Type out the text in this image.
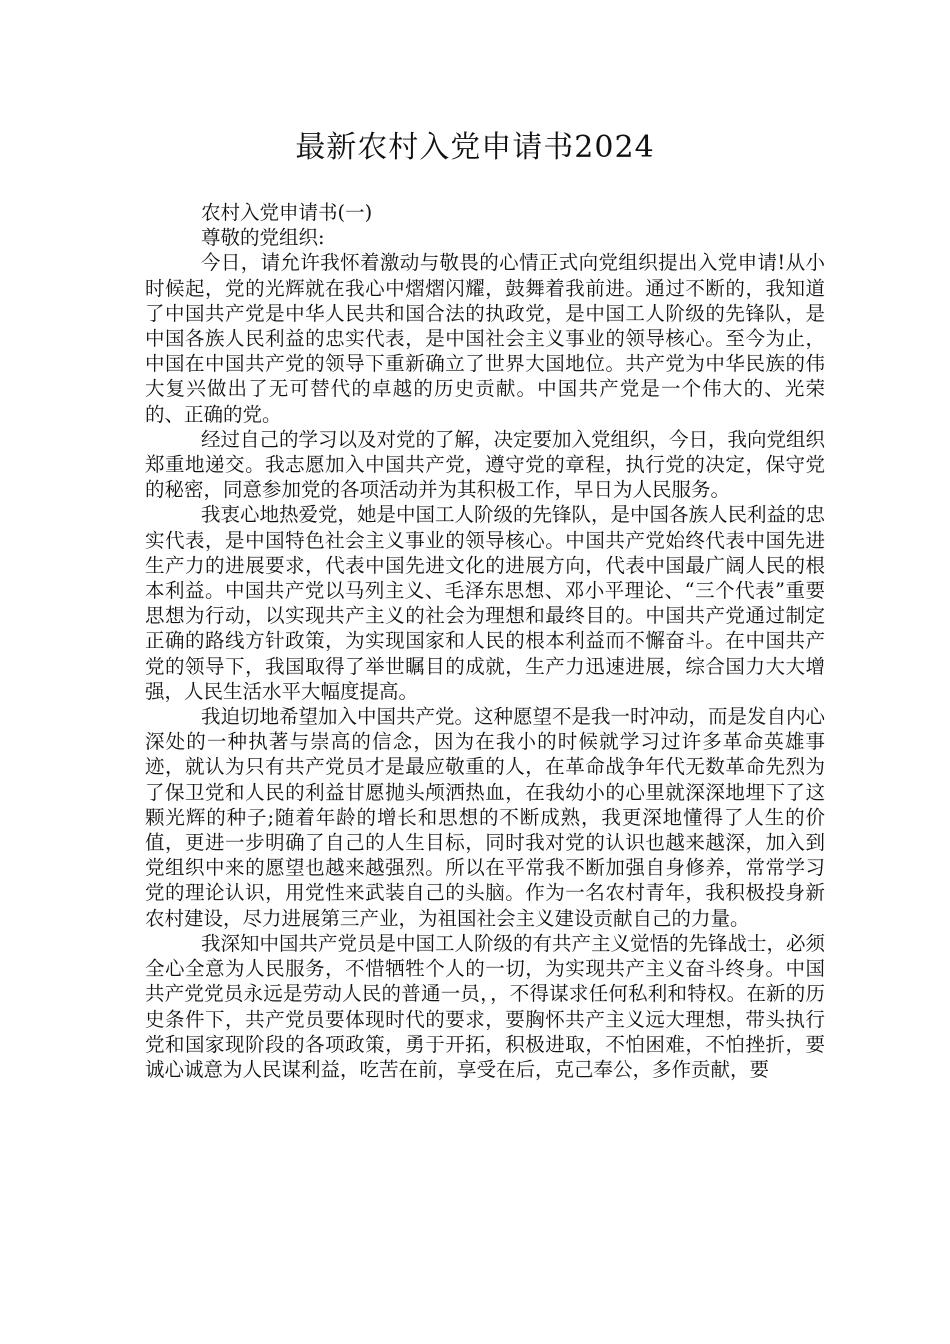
最新农村入党申请书2024

农村入党申请书(一)

尊敬的党组织:

今日，请允许我怀着激动与敬畏的心情正式向党组织提出入党申请!从小时候起，党的光辉就在我心中熠熠闪耀，鼓舞着我前进。通过不断的，我知道了中国共产党是中华人民共和国合法的执政党，是中国工人阶级的先锋队，是中国各族人民利益的忠实代表，是中国社会主义事业的领导核心。至今为止，中国在中国共产党的领导下重新确立了世界大国地位。共产党为中华民族的伟大复兴做出了无可替代的卓越的历史贡献。中国共产党是一个伟大的、光荣的、正确的党。

经过自己的学习以及对党的了解，决定要加入党组织，今日，我向党组织郑重地递交。我志愿加入中国共产党，遵守党的章程，执行党的决定，保守党的秘密，同意参加党的各项活动并为其积极工作，早日为人民服务。

我衷心地热爱党，她是中国工人阶级的先锋队，是中国各族人民利益的忠实代表，是中国特色社会主义事业的领导核心。中国共产党始终代表中国先进生产力的进展要求，代表中国先进文化的进展方向，代表中国最广阔人民的根本利益。中国共产党以马列主义、毛泽东思想、邓小平理论、“三个代表”重要思想为行动，以实现共产主义的社会为理想和最终目的。中国共产党通过制定正确的路线方针政策，为实现国家和人民的根本利益而不懈奋斗。在中国共产党的领导下，我国取得了举世瞩目的成就，生产力迅速进展，综合国力大大增强，人民生活水平大幅度提高。

我迫切地希望加入中国共产党。这种愿望不是我一时冲动，而是发自内心深处的一种执著与崇高的信念，因为在我小的时候就学习过许多革命英雄事迹，就认为只有共产党员才是最应敬重的人，在革命战争年代无数革命先烈为了保卫党和人民的利益甘愿抛头颅洒热血，在我幼小的心里就深深地埋下了这颗光辉的种子;随着年龄的增长和思想的不断成熟，我更深地懂得了人生的价值，更进一步明确了自己的人生目标，同时我对党的认识也越来越深，加入到党组织中来的愿望也越来越强烈。所以在平常我不断加强自身修养，常常学习党的理论认识，用党性来武装自己的头脑。作为一名农村青年，我积极投身新农村建设，尽力进展第三产业，为祖国社会主义建设贡献自己的力量。

我深知中国共产党员是中国工人阶级的有共产主义觉悟的先锋战士，必须全心全意为人民服务，不惜牺牲个人的一切，为实现共产主义奋斗终身。中国共产党党员永远是劳动人民的普通一员，，不得谋求任何私利和特权。在新的历史条件下，共产党员要体现时代的要求，要胸怀共产主义远大理想，带头执行党和国家现阶段的各项政策，勇于开拓，积极进取，不怕困难，不怕挫折，要诚心诚意为人民谋利益，吃苦在前，享受在后，克己奉公，多作贡献，要
